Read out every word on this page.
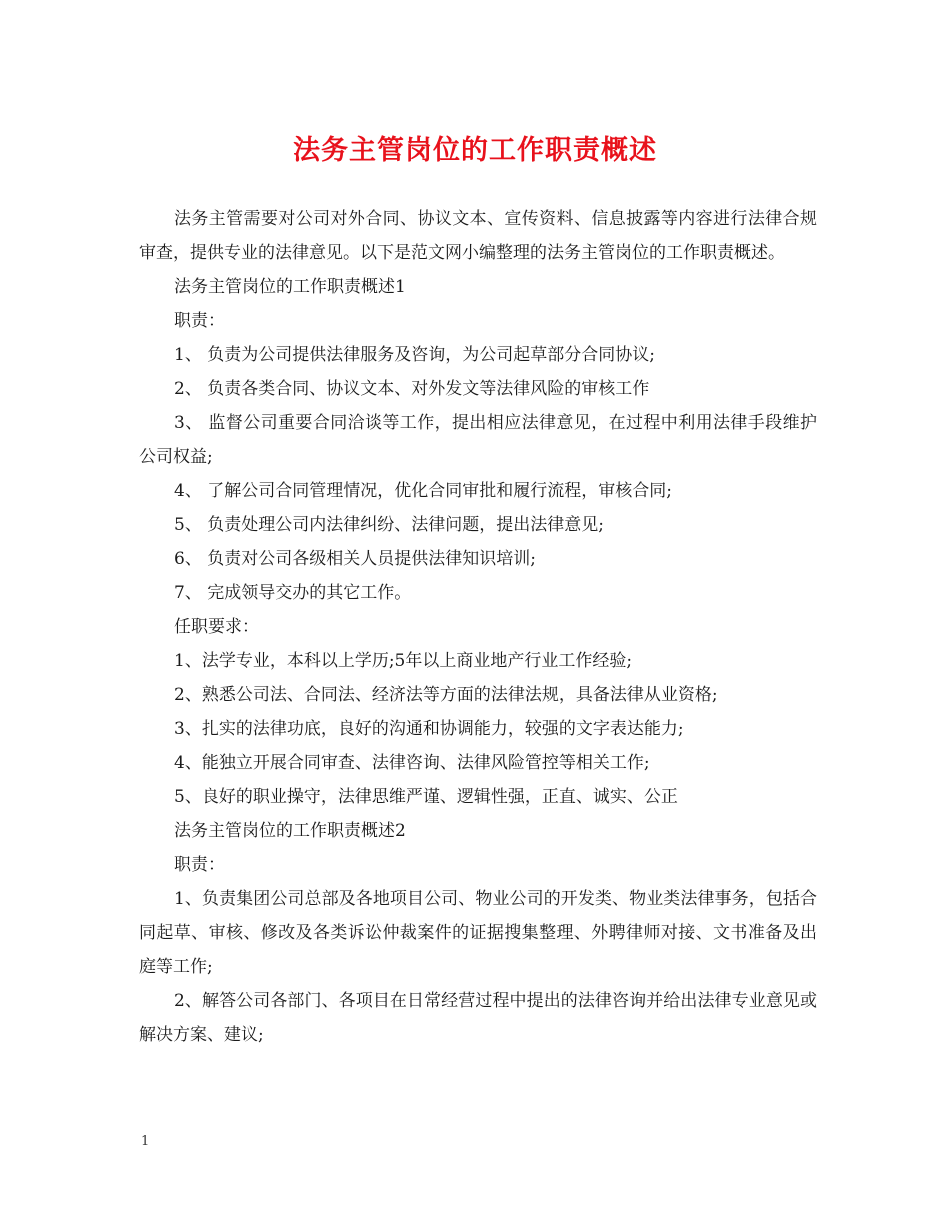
法务主管岗位的工作职责概述

法务主管需要对公司对外合同、协议文本、宣传资料、信息披露等内容进行法律合规审查，提供专业的法律意见。以下是范文网小编整理的法务主管岗位的工作职责概述。

法务主管岗位的工作职责概述1

职责：

1、 负责为公司提供法律服务及咨询，为公司起草部分合同协议;

2、 负责各类合同、协议文本、对外发文等法律风险的审核工作

3、 监督公司重要合同洽谈等工作，提出相应法律意见，在过程中利用法律手段维护公司权益;

4、 了解公司合同管理情况，优化合同审批和履行流程，审核合同;

5、 负责处理公司内法律纠纷、法律问题，提出法律意见;

6、 负责对公司各级相关人员提供法律知识培训;

7、 完成领导交办的其它工作。

任职要求：

1、法学专业，本科以上学历;5年以上商业地产行业工作经验;

2、熟悉公司法、合同法、经济法等方面的法律法规，具备法律从业资格;

3、扎实的法律功底，良好的沟通和协调能力，较强的文字表达能力;

4、能独立开展合同审查、法律咨询、法律风险管控等相关工作;

5、良好的职业操守，法律思维严谨、逻辑性强，正直、诚实、公正

法务主管岗位的工作职责概述2

职责：

1、负责集团公司总部及各地项目公司、物业公司的开发类、物业类法律事务，包括合同起草、审核、修改及各类诉讼仲裁案件的证据搜集整理、外聘律师对接、文书准备及出庭等工作;

2、解答公司各部门、各项目在日常经营过程中提出的法律咨询并给出法律专业意见或解决方案、建议;

1
